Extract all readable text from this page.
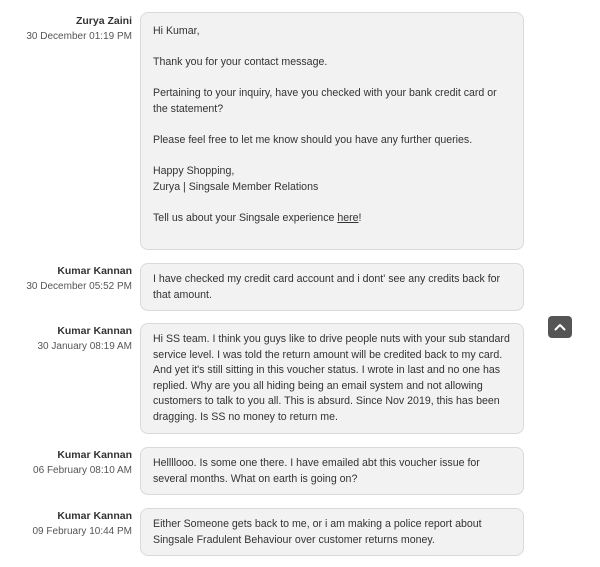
Zurya Zaini
30 December 01:19 PM Hi Kumar,

Thank you for your contact message.

Pertaining to your inquiry, have you checked with your bank credit card or the statement?

Please feel free to let me know should you have any further queries.

Happy Shopping,
Zurya | Singsale Member Relations

Tell us about your Singsale experience here!

Kumar Kannan
30 December 05:52 PM

I have checked my credit card account and i dont' see any credits back for that amount.

Kumar Kannan
30 January 08:19 AM

Hi SS team. I think you guys like to drive people nuts with your sub standard service level. I was told the return amount will be credited back to my card. And yet it's still sitting in this voucher status. I wrote in last and no one has replied. Why are you all hiding being an email system and not allowing customers to talk to you all. This is absurd. Since Nov 2019, this has been dragging. Is SS no money to return me.

Kumar Kannan
06 February 08:10 AM

Hellllooo. Is some one there. I have emailed abt this voucher issue for several months. What on earth is going on?

Kumar Kannan
09 February 10:44 PM

Either Someone gets back to me, or i am making a police report about Singsale Fradulent Behaviour over customer returns money.
